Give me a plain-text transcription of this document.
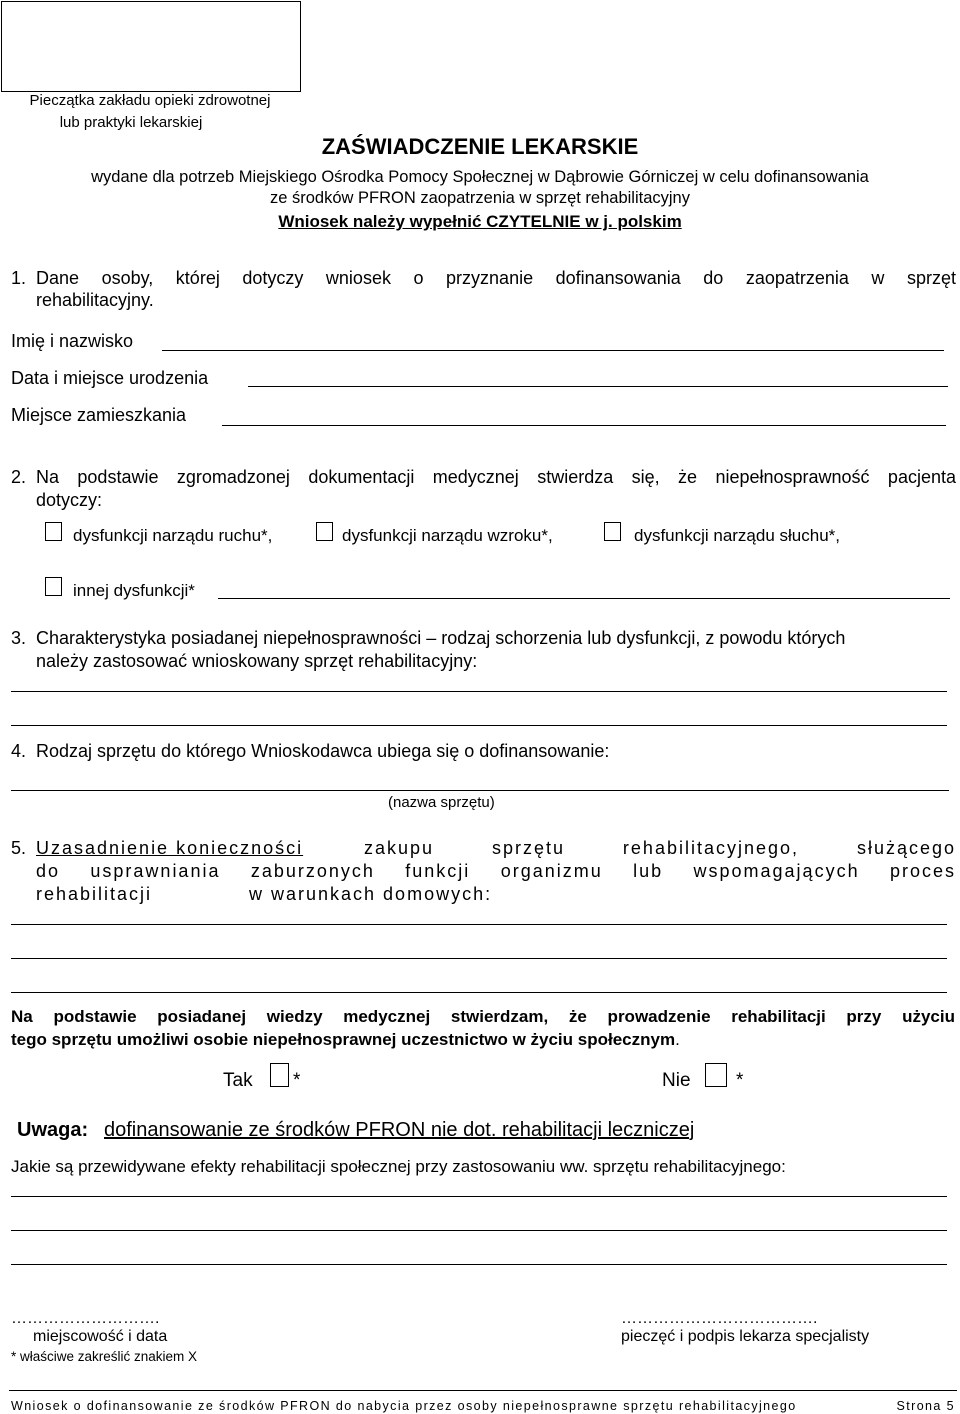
Pieczątka zakładu opieki zdrowotnej
lub praktyki lekarskiej
ZAŚWIADCZENIE LEKARSKIE
wydane dla potrzeb Miejskiego Ośrodka Pomocy Społecznej w Dąbrowie Górniczej w celu dofinansowania
ze środków PFRON zaopatrzenia w sprzęt rehabilitacyjny
Wniosek należy wypełnić CZYTELNIE w j. polskim
1. Dane osoby, której dotyczy wniosek o przyznanie dofinansowania do zaopatrzenia w sprzęt
rehabilitacyjny.
Imię i nazwisko
Data i miejsce urodzenia
Miejsce zamieszkania
2. Na podstawie zgromadzonej dokumentacji medycznej stwierdza się, że niepełnosprawność pacjenta
dotyczy:
dysfunkcji narządu ruchu*,	dysfunkcji narządu wzroku*,	dysfunkcji narządu słuchu*,
innej dysfunkcji*
3. Charakterystyka posiadanej niepełnosprawności – rodzaj schorzenia lub dysfunkcji, z powodu których
należy zastosować wnioskowany sprzęt rehabilitacyjny:
4. Rodzaj sprzętu do którego Wnioskodawca ubiega się o dofinansowanie:
(nazwa sprzętu)
5. Uzasadnienie konieczności	zakupu sprzętu rehabilitacyjnego, służącego
do usprawniania zaburzonych funkcji organizmu lub wspomagających proces
rehabilitacji	w warunkach domowych:
Na podstawie posiadanej wiedzy medycznej stwierdzam, że prowadzenie rehabilitacji przy użyciu
tego sprzętu umożliwi osobie niepełnosprawnej uczestnictwo w życiu społecznym.
Tak *	Nie *
Uwaga: dofinansowanie ze środków PFRON nie dot. rehabilitacji leczniczej
Jakie są przewidywane efekty rehabilitacji społecznej przy zastosowaniu ww. sprzętu rehabilitacyjnego:
……………………….
miejscowość i data
* właściwe zakreślić znakiem X
……………………………….
pieczęć i podpis lekarza specjalisty
Wniosek o dofinansowanie ze środków PFRON do nabycia przez osoby niepełnosprawne sprzętu rehabilitacyjnego	Strona 5
